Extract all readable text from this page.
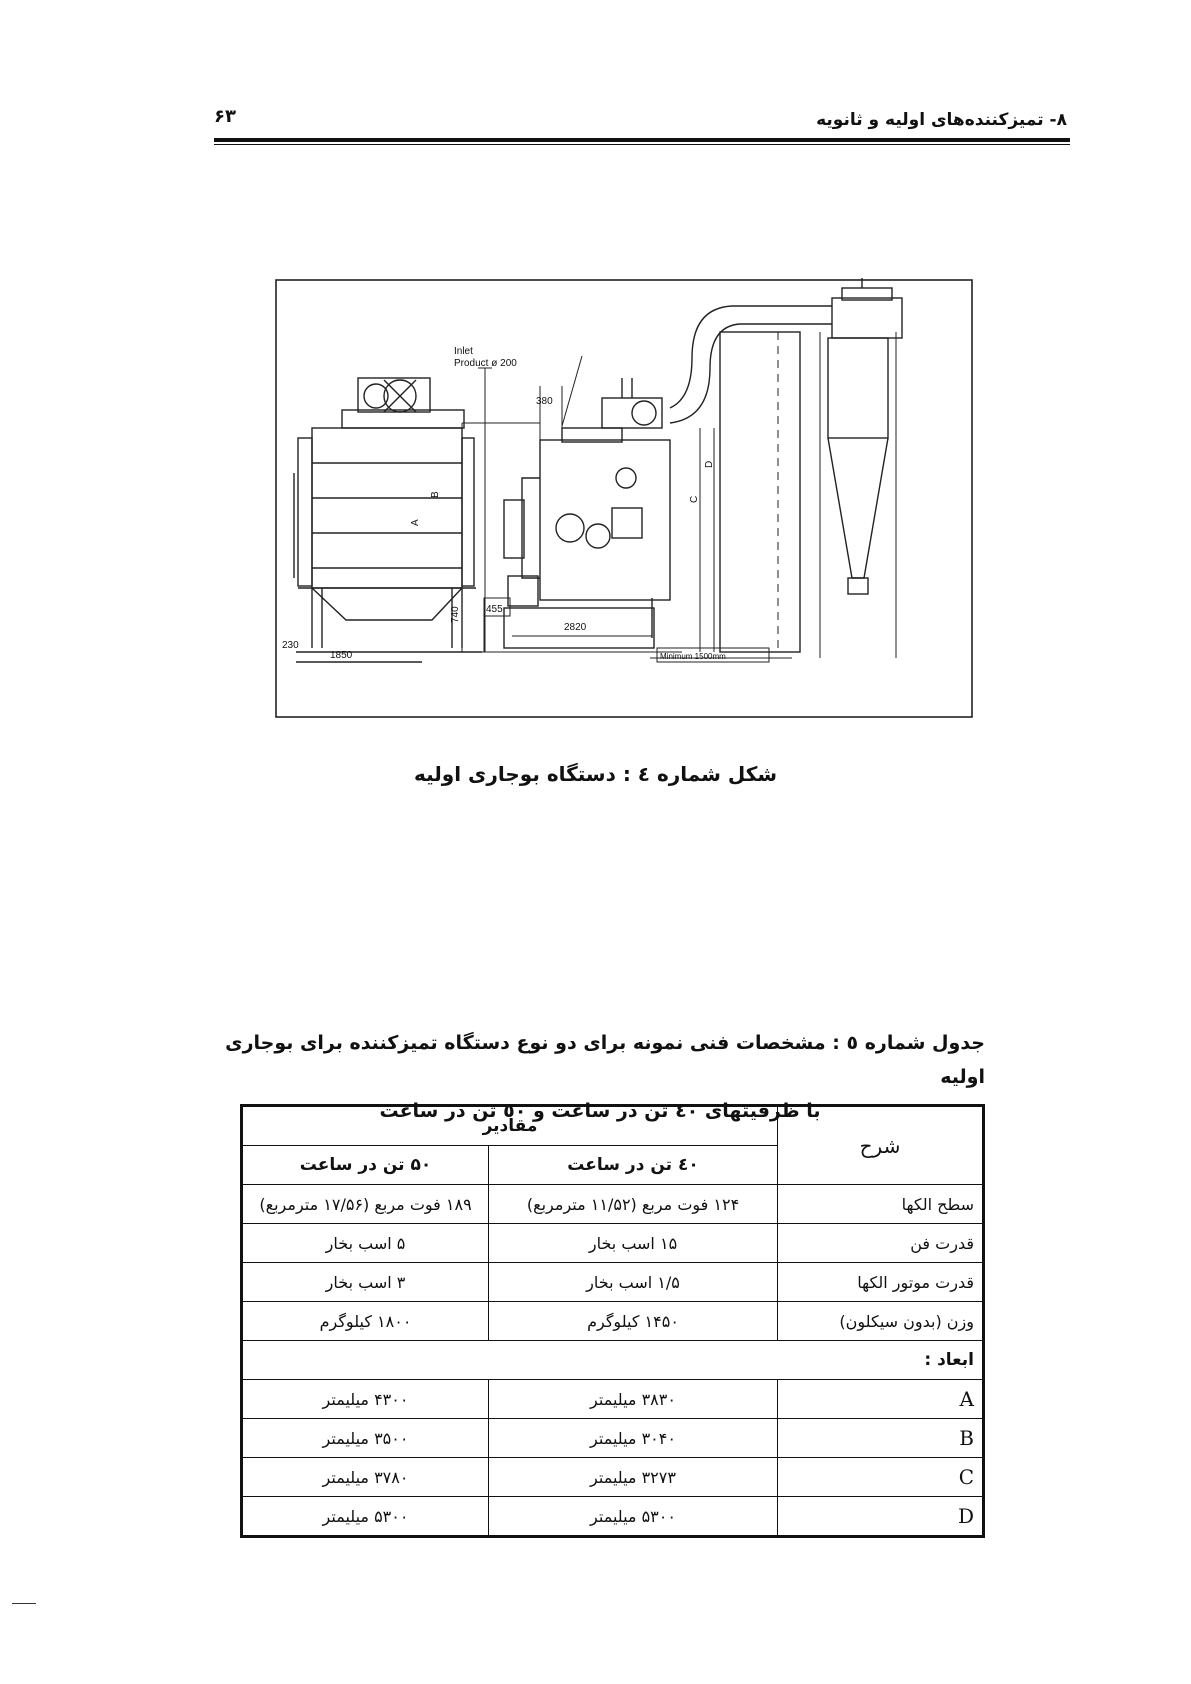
۸- تمیزکننده‌های اولیه و ثانویه
۶۳
Inlet
Product ø 200
380
455
740
2820
230
1850	Minimum 1500mm
A
B
C
D
شکل شماره ٤ : دستگاه بوجاری اولیه
جدول شماره ٥ : مشخصات فنی نمونه برای دو نوع دستگاه تمیزکننده برای بوجاری اولیه
با ظرفیتهای ٤٠ تن در ساعت و ٥٠ تن در ساعت
شرح	مقادیر	
	٤٠ تن در ساعت	۵۰ تن در ساعت
سطح الکها	۱۲۴ فوت مربع (۱۱/۵۲ مترمربع)	۱۸۹ فوت مربع (۱۷/۵۶ مترمربع)
قدرت فن	۱۵ اسب بخار	۵ اسب بخار
قدرت موتور الکها	۱/۵ اسب بخار	۳ اسب بخار
وزن (بدون سیکلون)	۱۴۵۰ کیلوگرم	۱۸۰۰ کیلوگرم
ابعاد :		
A	۳۸۳۰ میلیمتر	۴۳۰۰ میلیمتر
B	۳۰۴۰ میلیمتر	۳۵۰۰ میلیمتر
C	۳۲۷۳ میلیمتر	۳۷۸۰ میلیمتر
D	۵۳۰۰ میلیمتر	۵۳۰۰ میلیمتر
